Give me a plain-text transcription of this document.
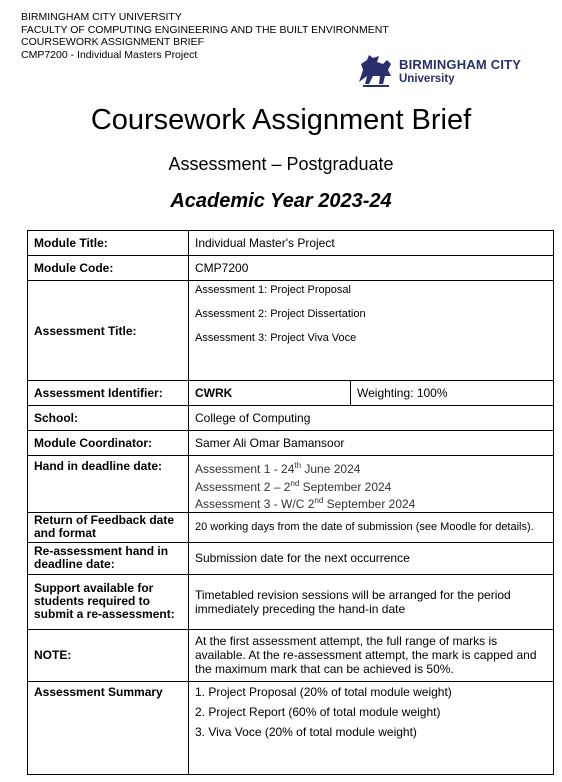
BIRMINGHAM CITY UNIVERSITY
FACULTY OF COMPUTING ENGINEERING AND THE BUILT ENVIRONMENT
COURSEWORK ASSIGNMENT BRIEF
CMP7200 - Individual Masters Project
BIRMINGHAM CITY
University
Coursework Assignment Brief
Assessment – Postgraduate
Academic Year 2023-24
Module Title:	Individual Master's Project	
Module Code:	CMP7200	
Assessment Title:	Assessment 1: Project Proposal
Assessment 2: Project Dissertation
Assessment 3: Project Viva Voce	

Assessment Identifier:	CWRK	Weighting: 100%
School:	College of Computing	
Module Coordinator:	Samer Ali Omar Bamansoor	
Hand in deadline date:	Assessment 1 - 24th June 2024
Assessment 2 – 2nd September 2024
Assessment 3 - W/C 2nd September 2024	

Return of Feedback date and format	20 working days from the date of submission (see Moodle for details).	
Re-assessment hand in deadline date:	Submission date for the next occurrence	
Support available for students required to submit a re-assessment:	Timetabled revision sessions will be arranged for the period immediately preceding the hand-in date	
NOTE:	At the first assessment attempt, the full range of marks is available. At the re-assessment attempt, the mark is capped and the maximum mark that can be achieved is 50%.	
Assessment Summary	1. Project Proposal (20% of total module weight)
2. Project Report (60% of total module weight)
3. Viva Voce (20% of total module weight)	
